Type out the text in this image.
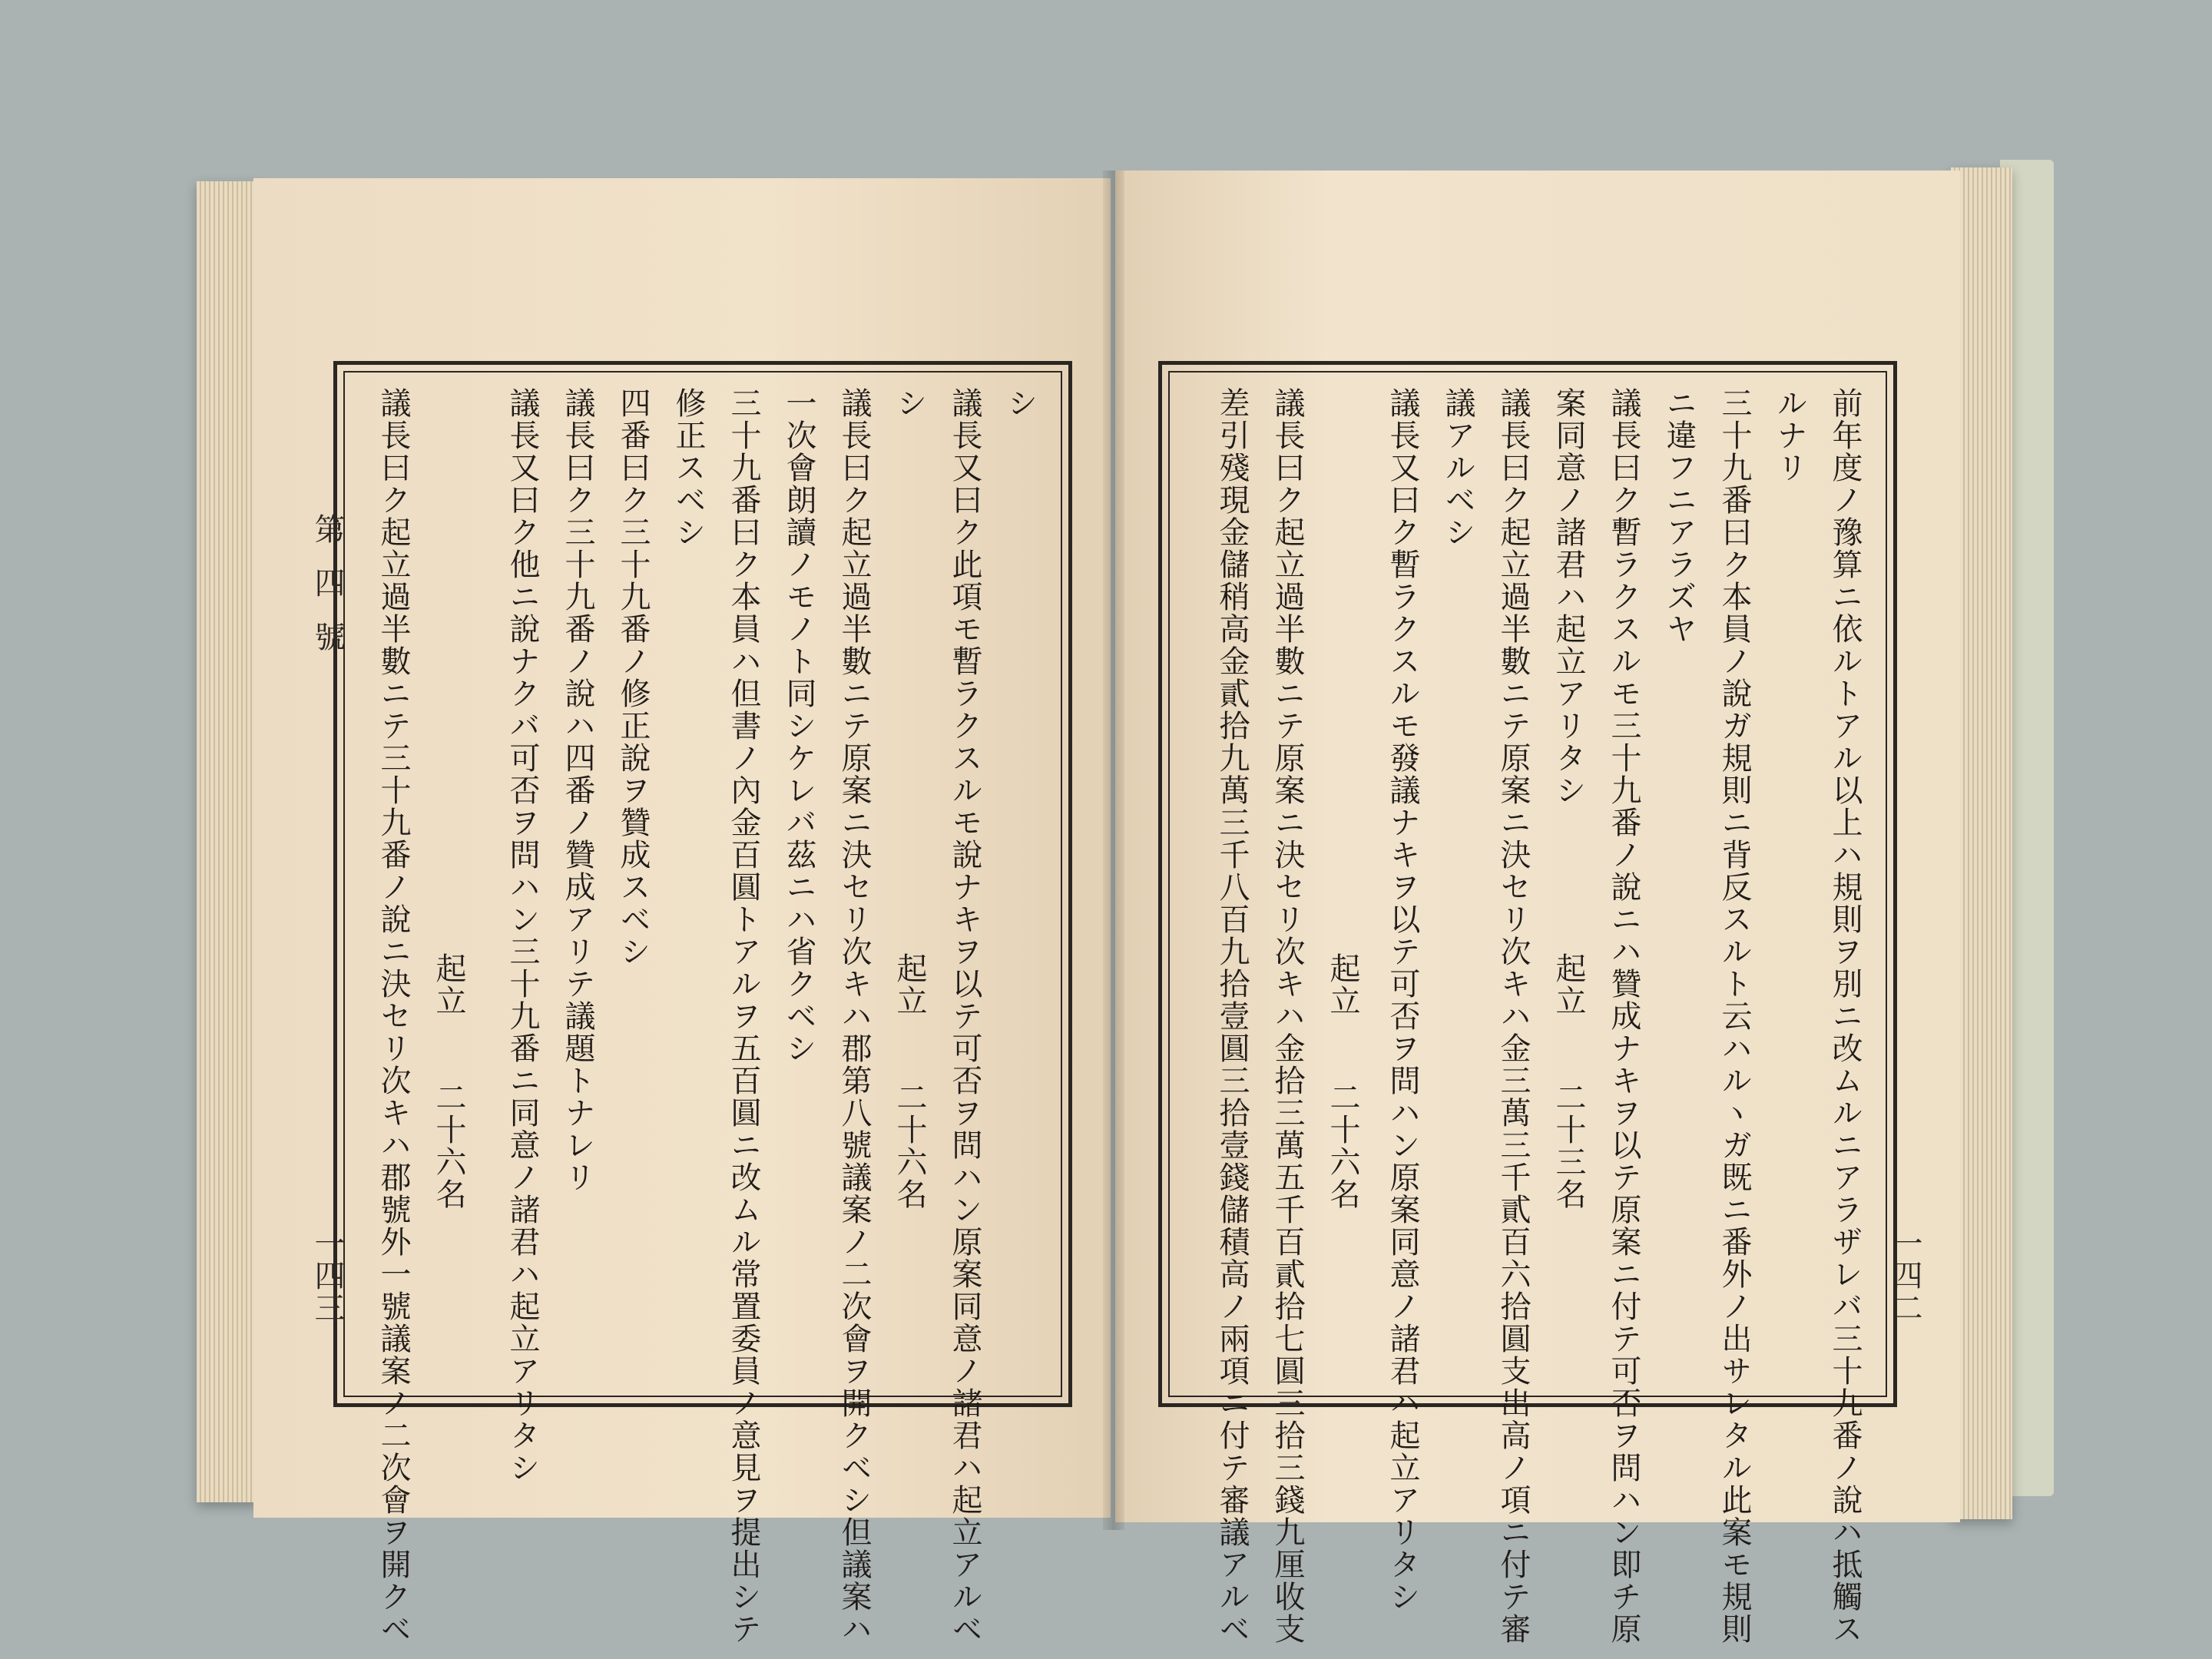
第四號
一四三
シ
議長又曰ク此項モ暫ラクスルモ說ナキヲ以テ可否ヲ問ハン原案同意ノ諸君ハ起立アルベ
シ
起立　　二十六名
議長曰ク起立過半數ニテ原案ニ決セリ次キハ郡第八號議案ノ二次會ヲ開クベシ但議案ハ
一次會朗讀ノモノト同シケレバ茲ニハ省クベシ
三十九番曰ク本員ハ但書ノ內金百圓トアルヲ五百圓ニ改ムル常置委員ノ意見ヲ提出シテ
修正スベシ
四番曰ク三十九番ノ修正說ヲ贊成スベシ
議長曰ク三十九番ノ說ハ四番ノ贊成アリテ議題トナレリ
議長又曰ク他ニ說ナクバ可否ヲ問ハン三十九番ニ同意ノ諸君ハ起立アリタシ
起立　　二十六名
議長曰ク起立過半數ニテ三十九番ノ說ニ決セリ次キハ郡號外一號議案ノ二次會ヲ開クベ	一四二
前年度ノ豫算ニ依ルトアル以上ハ規則ヲ別ニ改ムルニアラザレバ三十九番ノ說ハ抵觸ス
ルナリ
三十九番曰ク本員ノ說ガ規則ニ背反スルト云ハルヽガ既ニ番外ノ出サレタル此案モ規則
ニ違フニアラズヤ
議長曰ク暫ラクスルモ三十九番ノ說ニハ贊成ナキヲ以テ原案ニ付テ可否ヲ問ハン即チ原
案同意ノ諸君ハ起立アリタシ
起立　　二十三名
議長曰ク起立過半數ニテ原案ニ決セリ次キハ金三萬三千貳百六拾圓支出高ノ項ニ付テ審
議アルベシ
議長又曰ク暫ラクスルモ發議ナキヲ以テ可否ヲ問ハン原案同意ノ諸君ハ起立アリタシ
起立　　二十六名
議長曰ク起立過半數ニテ原案ニ決セリ次キハ金拾三萬五千百貳拾七圓三拾三錢九厘收支
差引殘現金儲稍高金貳拾九萬三千八百九拾壹圓三拾壹錢儲積高ノ兩項ニ付テ審議アルベ
